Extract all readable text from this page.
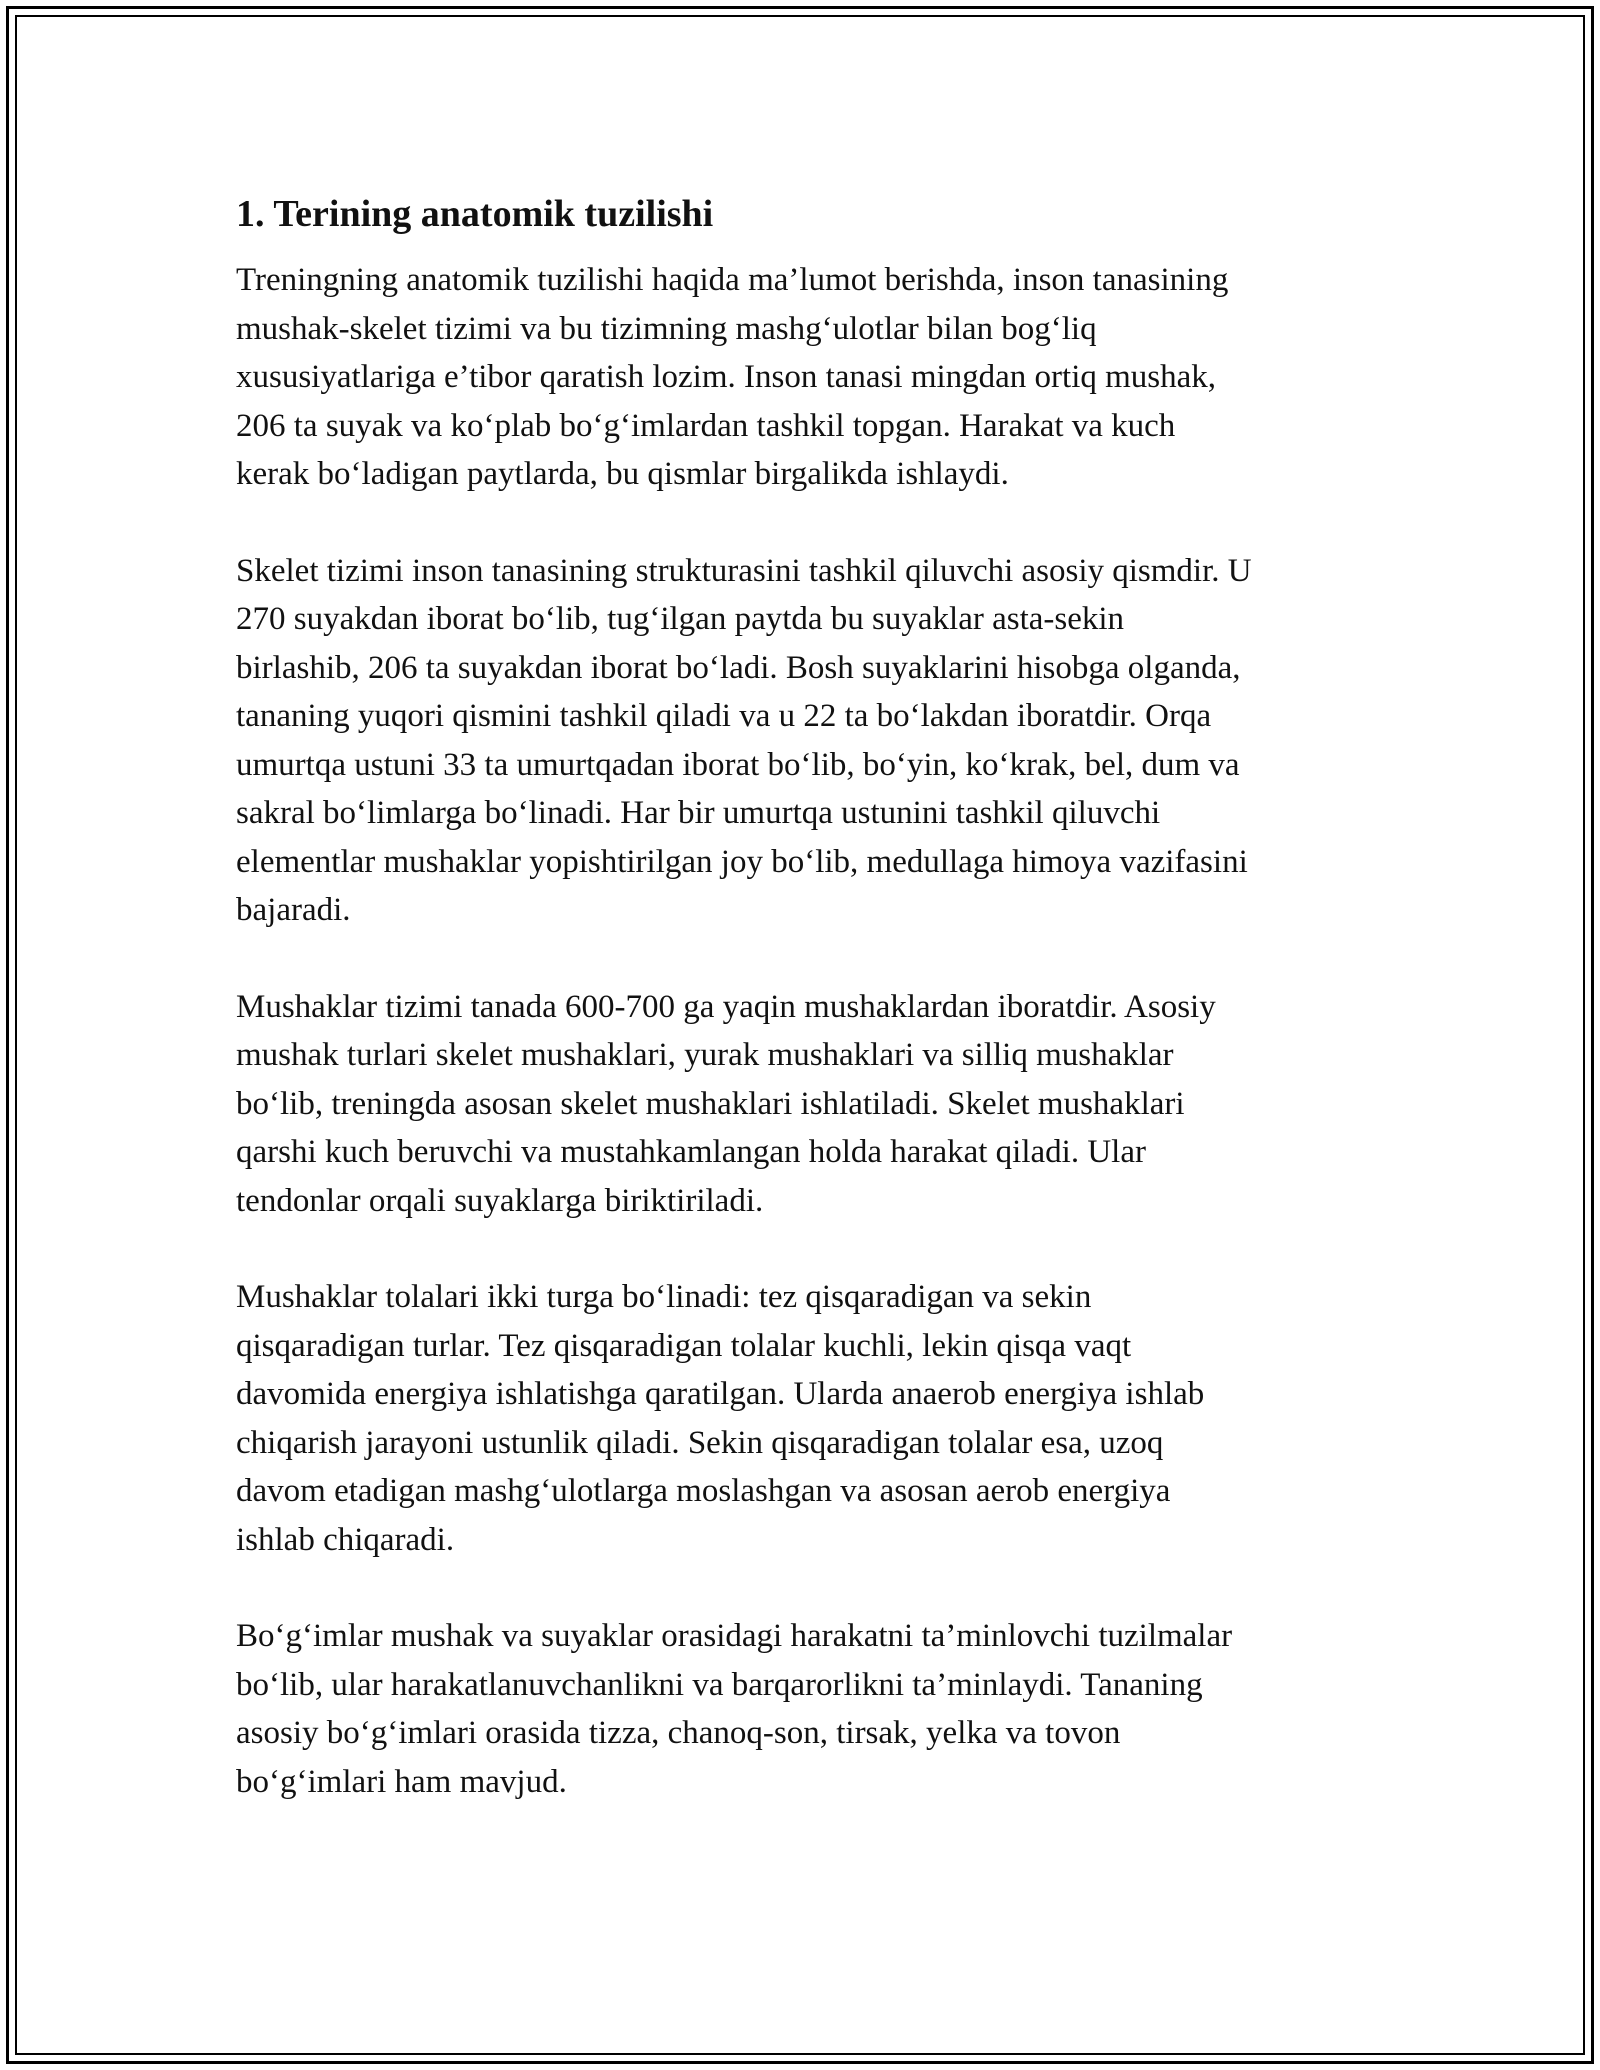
1. Terining anatomik tuzilishi

Treningning anatomik tuzilishi haqida ma’lumot berishda, inson tanasining
mushak-skelet tizimi va bu tizimning mashg‘ulotlar bilan bog‘liq
xususiyatlariga e’tibor qaratish lozim. Inson tanasi mingdan ortiq mushak,
206 ta suyak va ko‘plab bo‘g‘imlardan tashkil topgan. Harakat va kuch
kerak bo‘ladigan paytlarda, bu qismlar birgalikda ishlaydi.

Skelet tizimi inson tanasining strukturasini tashkil qiluvchi asosiy qismdir. U
270 suyakdan iborat bo‘lib, tug‘ilgan paytda bu suyaklar asta-sekin
birlashib, 206 ta suyakdan iborat bo‘ladi. Bosh suyaklarini hisobga olganda,
tananing yuqori qismini tashkil qiladi va u 22 ta bo‘lakdan iboratdir. Orqa
umurtqa ustuni 33 ta umurtqadan iborat bo‘lib, bo‘yin, ko‘krak, bel, dum va
sakral bo‘limlarga bo‘linadi. Har bir umurtqa ustunini tashkil qiluvchi
elementlar mushaklar yopishtirilgan joy bo‘lib, medullaga himoya vazifasini
bajaradi.

Mushaklar tizimi tanada 600-700 ga yaqin mushaklardan iboratdir. Asosiy
mushak turlari skelet mushaklari, yurak mushaklari va silliq mushaklar
bo‘lib, treningda asosan skelet mushaklari ishlatiladi. Skelet mushaklari
qarshi kuch beruvchi va mustahkamlangan holda harakat qiladi. Ular
tendonlar orqali suyaklarga biriktiriladi.

Mushaklar tolalari ikki turga bo‘linadi: tez qisqaradigan va sekin
qisqaradigan turlar. Tez qisqaradigan tolalar kuchli, lekin qisqa vaqt
davomida energiya ishlatishga qaratilgan. Ularda anaerob energiya ishlab
chiqarish jarayoni ustunlik qiladi. Sekin qisqaradigan tolalar esa, uzoq
davom etadigan mashg‘ulotlarga moslashgan va asosan aerob energiya
ishlab chiqaradi.

Bo‘g‘imlar mushak va suyaklar orasidagi harakatni ta’minlovchi tuzilmalar
bo‘lib, ular harakatlanuvchanlikni va barqarorlikni ta’minlaydi. Tananing
asosiy bo‘g‘imlari orasida tizza, chanoq-son, tirsak, yelka va tovon
bo‘g‘imlari ham mavjud.
